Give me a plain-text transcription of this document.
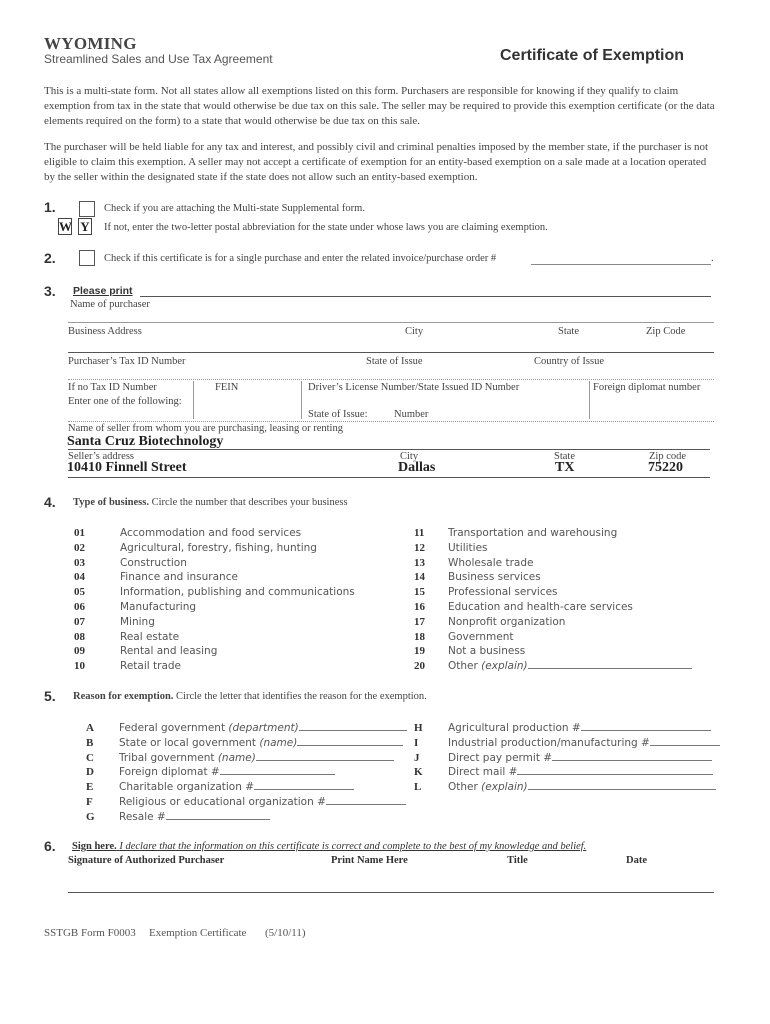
WYOMING
Streamlined Sales and Use Tax Agreement	Certificate of Exemption

This is a multi-state form. Not all states allow all exemptions listed on this form. Purchasers are responsible for knowing if they qualify to claim exemption from tax in the state that would otherwise be due tax on this sale. The seller may be required to provide this exemption certificate (or the data elements required on the form) to a state that would otherwise be due tax on this sale.

The purchaser will be held liable for any tax and interest, and possibly civil and criminal penalties imposed by the member state, if the purchaser is not eligible to claim this exemption. A seller may not accept a certificate of exemption for an entity-based exemption on a sale made at a location operated by the seller within the designated state if the state does not allow such an entity-based exemption.

1.	Check if you are attaching the Multi-state Supplemental form.
W Y If not, enter the two-letter postal abbreviation for the state under whose laws you are claiming exemption.
2.	Check if this certificate is for a single purchase and enter the related invoice/purchase order #	.
3. Please print
Name of purchaser
Business Address	City	State	Zip Code
Purchaser’s Tax ID Number	State of Issue	Country of Issue
If no Tax ID Number
Enter one of the following:
FEIN	Driver’s License Number/State Issued ID Number	Foreign diplomat number
State of Issue:	Number
Name of seller from whom you are purchasing, leasing or renting
Santa Cruz Biotechnology
Seller’s address	City	State	Zip code
10410 Finnell Street	Dallas	TX	75220
4. Type of business. Circle the number that describes your business
01	Accommodation and food services
02	Agricultural, forestry, fishing, hunting
03	Construction
04	Finance and insurance
05	Information, publishing and communications
06	Manufacturing
07	Mining
08	Real estate
09	Rental and leasing
10	Retail trade
11 Transportation and warehousing
12 Utilities
13 Wholesale trade
14 Business services
15 Professional services
16 Education and health-care services
17 Nonprofit organization
18 Government
19 Not a business
20 Other (explain)
5. Reason for exemption. Circle the letter that identifies the reason for the exemption.
A Federal government (department)
B State or local government (name)
C Tribal government (name)
D Foreign diplomat #
E Charitable organization #
F	Religious or educational organization #
G Resale #
H Agricultural production #
I	Industrial production/manufacturing #
J	Direct pay permit #
K Direct mail #
L	Other (explain)
6. Sign here. I declare that the information on this certificate is correct and complete to the best of my knowledge and belief.
Signature of Authorized Purchaser	Print Name Here	Title	Date
SSTGB Form F0003 Exemption Certificate (5/10/11)
